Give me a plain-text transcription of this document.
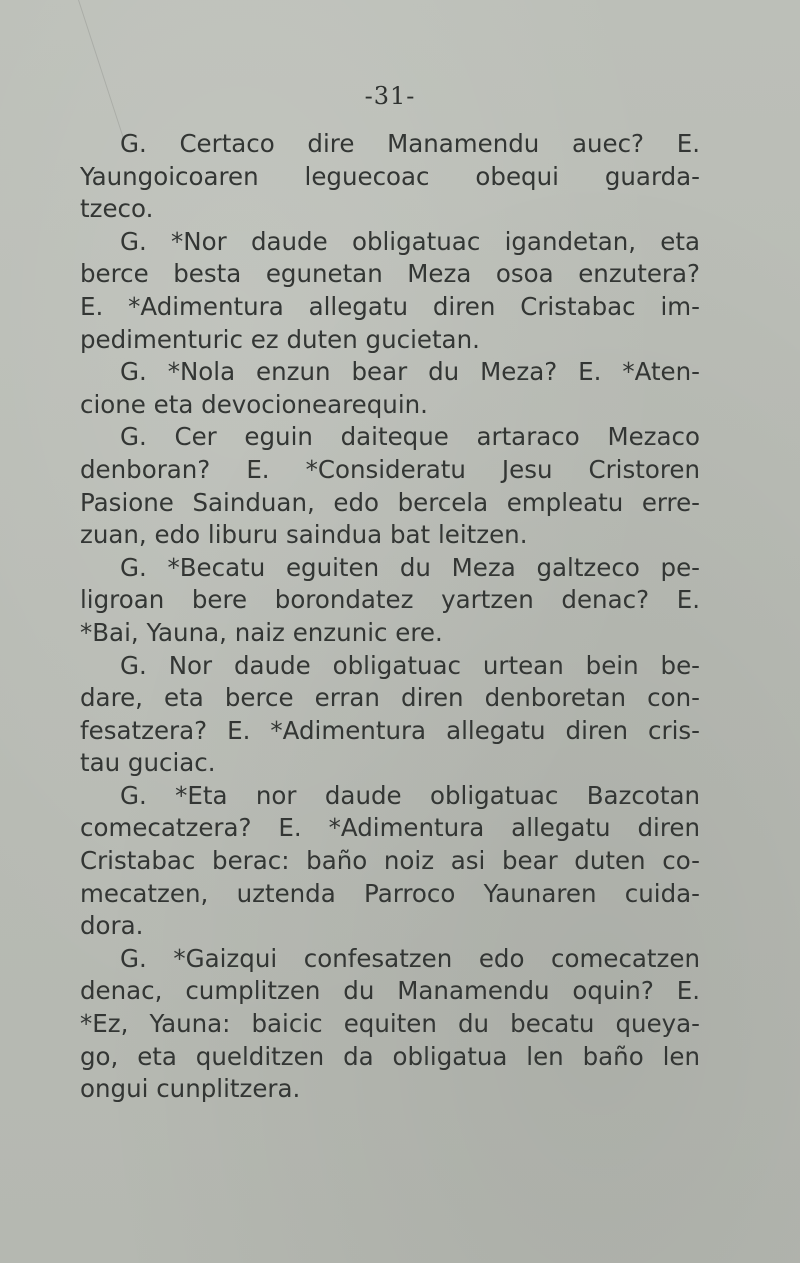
-31-
G. Certaco dire Manamendu auec? E.
Yaungoicoaren leguecoac obequi guarda-
tzeco.
G. *Nor daude obligatuac igandetan, eta
berce besta egunetan Meza osoa enzutera?
E. *Adimentura allegatu diren Cristabac im-
pedimenturic ez duten gucietan.
G. *Nola enzun bear du Meza? E. *Aten-
cione eta devocionearequin.
G. Cer eguin daiteque artaraco Mezaco
denboran? E. *Consideratu Jesu Cristoren
Pasione Sainduan, edo bercela empleatu erre-
zuan, edo liburu saindua bat leitzen.
G. *Becatu eguiten du Meza galtzeco pe-
ligroan bere borondatez yartzen denac? E.
*Bai, Yauna, naiz enzunic ere.
G. Nor daude obligatuac urtean bein be-
dare, eta berce erran diren denboretan con-
fesatzera? E. *Adimentura allegatu diren cris-
tau guciac.
G. *Eta nor daude obligatuac Bazcotan
comecatzera? E. *Adimentura allegatu diren
Cristabac berac: baño noiz asi bear duten co-
mecatzen, uztenda Parroco Yaunaren cuida-
dora.
G. *Gaizqui confesatzen edo comecatzen
denac, cumplitzen du Manamendu oquin? E.
*Ez, Yauna: baicic equiten du becatu queya-
go, eta quelditzen da obligatua len baño len
ongui cunplitzera.
